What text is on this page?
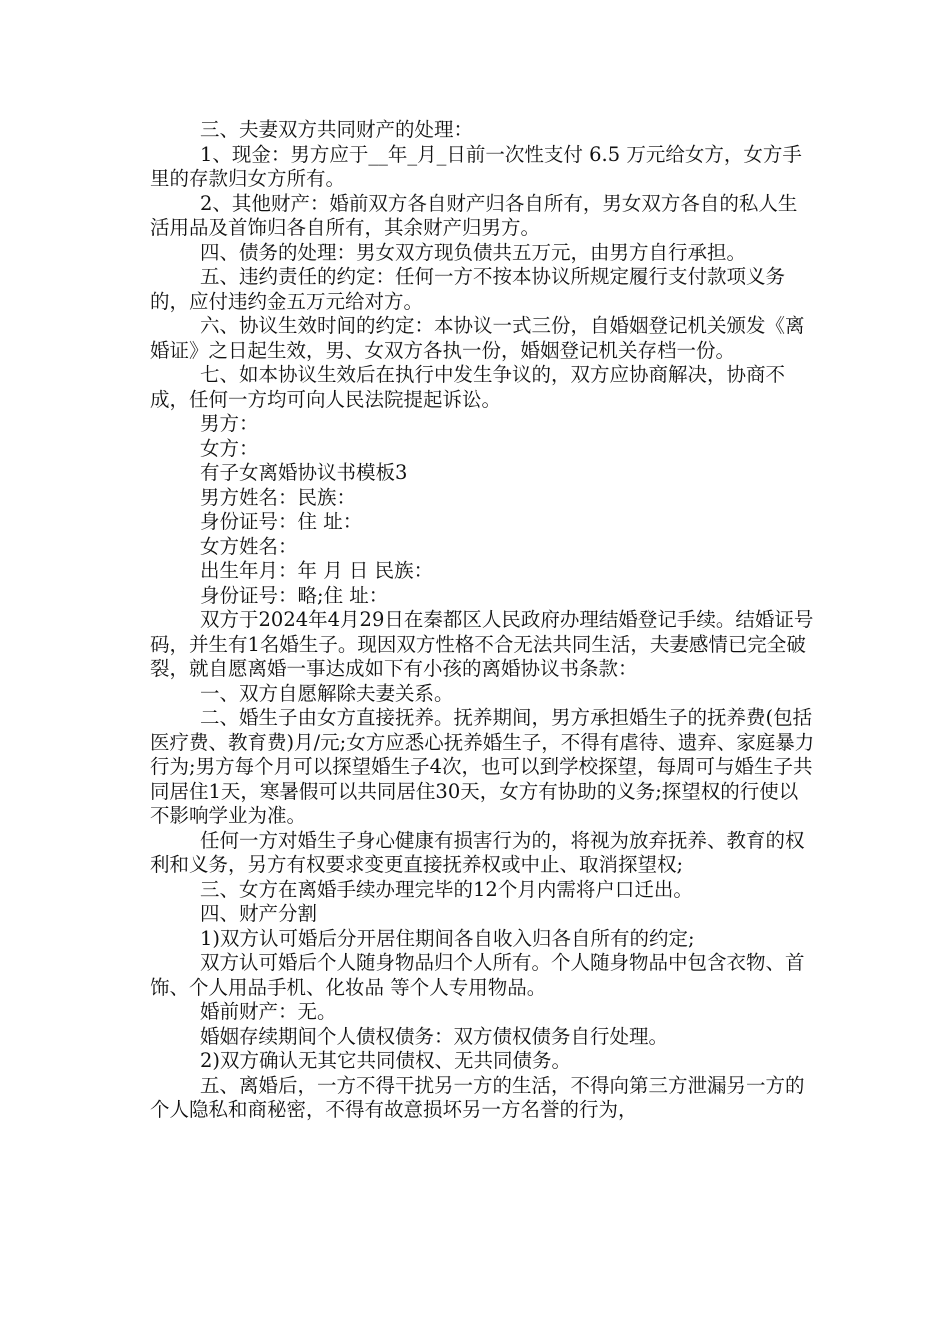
三、夫妻双方共同财产的处理：

1、现金：男方应于__年_月_日前一次性支付 6.5 万元给女方，女方手里的存款归女方所有。

2、其他财产：婚前双方各自财产归各自所有，男女双方各自的私人生活用品及首饰归各自所有，其余财产归男方。

四、债务的处理：男女双方现负债共五万元，由男方自行承担。

五、违约责任的约定：任何一方不按本协议所规定履行支付款项义务的，应付违约金五万元给对方。

六、协议生效时间的约定：本协议一式三份，自婚姻登记机关颁发《离婚证》之日起生效，男、女双方各执一份，婚姻登记机关存档一份。

七、如本协议生效后在执行中发生争议的，双方应协商解决，协商不成，任何一方均可向人民法院提起诉讼。

男方：

女方：

有子女离婚协议书模板3

男方姓名：民族：

身份证号：住 址：

女方姓名：

出生年月：年 月 日 民族：

身份证号：略;住 址：

双方于2024年4月29日在秦都区人民政府办理结婚登记手续。结婚证号码，并生有1名婚生子。现因双方性格不合无法共同生活，夫妻感情已完全破裂，就自愿离婚一事达成如下有小孩的离婚协议书条款：

一、双方自愿解除夫妻关系。

二、婚生子由女方直接抚养。抚养期间，男方承担婚生子的抚养费(包括医疗费、教育费)月/元;女方应悉心抚养婚生子，不得有虐待、遗弃、家庭暴力行为;男方每个月可以探望婚生子4次，也可以到学校探望，每周可与婚生子共同居住1天，寒暑假可以共同居住30天，女方有协助的义务;探望权的行使以不影响学业为准。

任何一方对婚生子身心健康有损害行为的，将视为放弃抚养、教育的权利和义务，另方有权要求变更直接抚养权或中止、取消探望权;

三、女方在离婚手续办理完毕的12个月内需将户口迁出。

四、财产分割

1)双方认可婚后分开居住期间各自收入归各自所有的约定;

双方认可婚后个人随身物品归个人所有。个人随身物品中包含衣物、首饰、个人用品手机、化妆品 等个人专用物品。

婚前财产：无。

婚姻存续期间个人债权债务：双方债权债务自行处理。

2)双方确认无其它共同债权、无共同债务。

五、离婚后，一方不得干扰另一方的生活，不得向第三方泄漏另一方的个人隐私和商秘密，不得有故意损坏另一方名誉的行为，
